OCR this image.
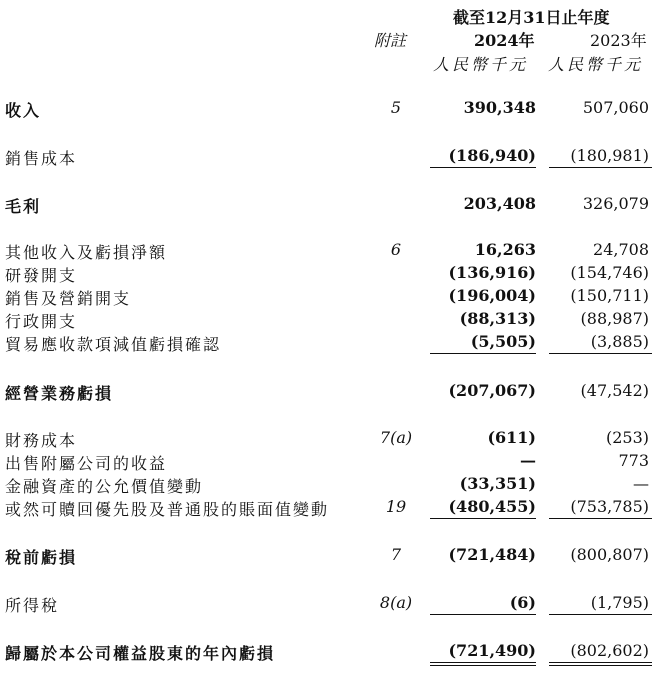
截至12月31日止年度
附註	2024年	2023年
人民幣千元 人民幣千元
收入	5	390,348	507,060
銷售成本	(186,940)	(180,981)
毛利	203,408	326,079
其他收入及虧損淨額	6	16,263	24,708
研發開支	(136,916)	(154,746)
銷售及營銷開支	(196,004)	(150,711)
行政開支	(88,313)	(88,987)
貿易應收款項減值虧損確認	(5,505)	(3,885)
經營業務虧損	(207,067)	(47,542)
財務成本	7(a)	(611)	(253)
出售附屬公司的收益	—	773
金融資產的公允價值變動	(33,351)	—
或然可贖回優先股及普通股的賬面值變動	19	(480,455)	(753,785)
稅前虧損	7	(721,484)	(800,807)
所得稅	8(a)	(6)	(1,795)
歸屬於本公司權益股東的年內虧損	(721,490)	(802,602)
